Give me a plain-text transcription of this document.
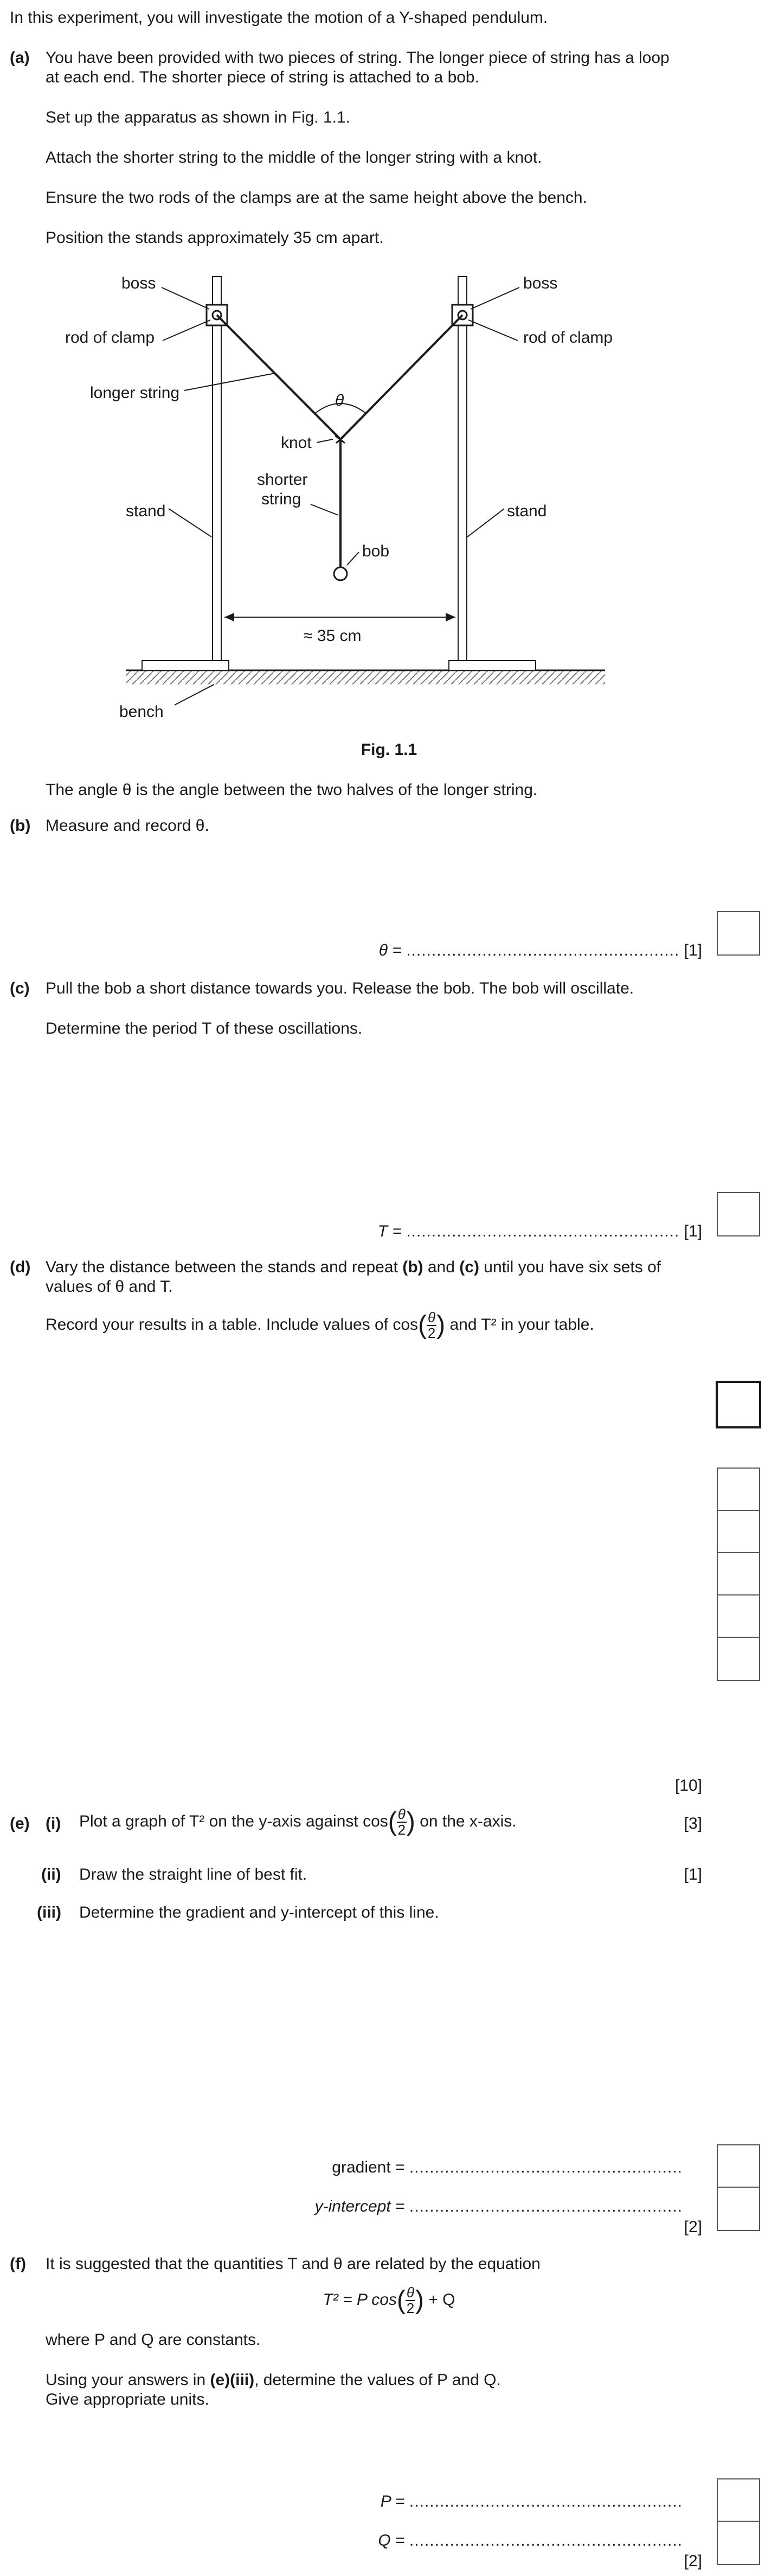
In this experiment, you will investigate the motion of a Y-shaped pendulum.
(a) You have been provided with two pieces of string. The longer piece of string has a loop
at each end. The shorter piece of string is attached to a bob.
Set up the apparatus as shown in Fig. 1.1.
Attach the shorter string to the middle of the longer string with a knot.
Ensure the two rods of the clamps are at the same height above the bench.
Position the stands approximately 35 cm apart.
boss
rod of clamp
boss
rod of clamp
longer string	θ
knot
shorter
string
stand	stand
bob
≈ 35 cm
bench
Fig. 1.1
The angle θ is the angle between the two halves of the longer string.
(b) Measure and record θ.
θ = ...................................................... [1]
(c) Pull the bob a short distance towards you. Release the bob. The bob will oscillate.
Determine the period T of these oscillations.
T = ...................................................... [1]
(d) Vary the distance between the stands and repeat (b) and (c) until you have six sets of
values of θ and T.
Record your results in a table. Include values of $\cos( \frac{\theta}{2}$ ) and T² in your table.
[10]
(e) (i) Plot a graph of T² on the y-axis against $\cos( \frac{\theta}{2}$ ) on the x-axis.	[3]
(ii) Draw the straight line of best fit.	[1]
(iii) Determine the gradient and y-intercept of this line.
gradient = ......................................................
y-intercept = ......................................................
[2]
(f) It is suggested that the quantities T and θ are related by the equation
T² = P $\cos( \frac{\theta}{2}$ ) + Q
where P and Q are constants.
Using your answers in (e)(iii), determine the values of P and Q.
Give appropriate units.
P = ......................................................
Q = ......................................................
[2]
